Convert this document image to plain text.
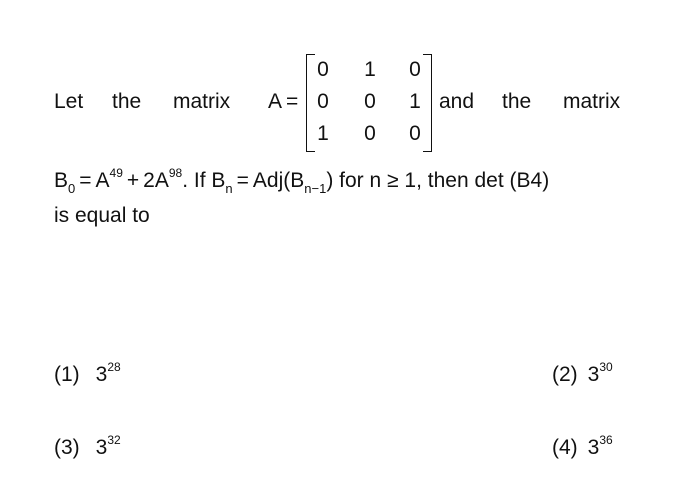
Let the matrix A =
0	1	0
0	0	1
1	0	0
and the matrix
$B_0 = A^{49} + 2A^{98}$. If $B_n = Adj(B_{n-1})$ for n ≥ 1, then det (B4)
is equal to
(1) $3^{28}$	(2) $3^{30}$
(3) $3^{32}$	(4) $3^{36}$
